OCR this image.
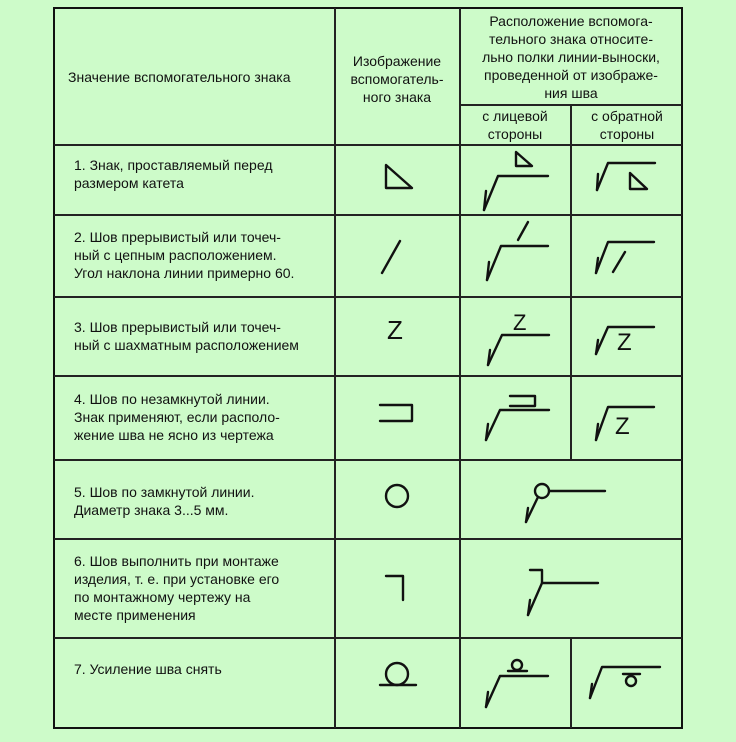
Значение вспомогательного знака
Изображение
вспомогатель-
ного знака
Расположение вспомога-
тельного знака относите-
льно полки линии-выноски,
проведенной от изображе-
ния шва
с лицевой
стороны
с обратной
стороны
1. Знак, проставляемый перед
размером катета
2. Шов прерывистый или точеч-
ный с цепным расположением.
Угол наклона линии примерно 60.
3. Шов прерывистый или точеч-
ный с шахматным расположением
4. Шов по незамкнутой линии.
Знак применяют, если располо-
жение шва не ясно из чертежа
5. Шов по замкнутой линии.
Диаметр знака 3...5 мм.
6. Шов выполнить при монтаже
изделия, т. е. при установке его
по монтажному чертежу на
месте применения
7. Усиление шва снять
Z	Z
Z
Z
